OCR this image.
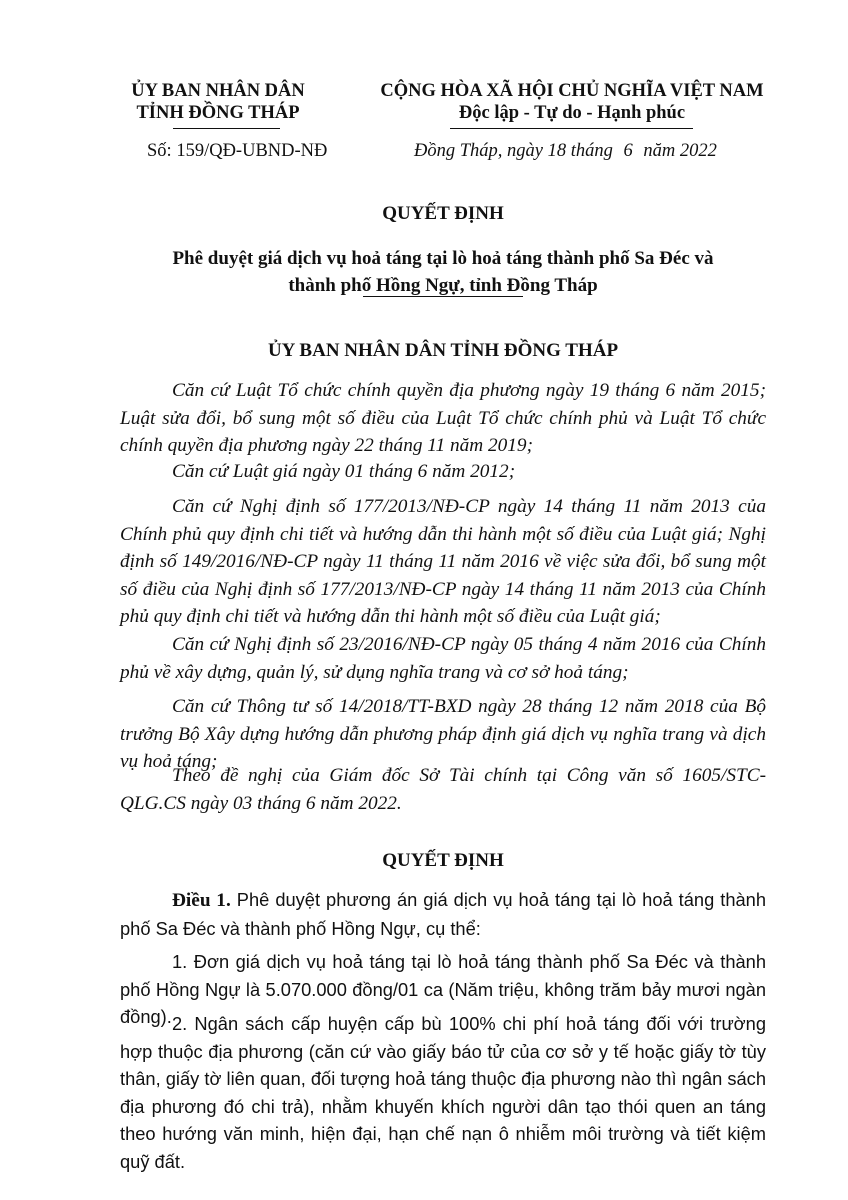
ỦY BAN NHÂN DÂN
TỈNH ĐỒNG THÁP
Số: 159/QĐ-UBND-NĐ
CỘNG HÒA XÃ HỘI CHỦ NGHĨA VIỆT NAM
Độc lập - Tự do - Hạnh phúc
Đồng Tháp, ngày 18 tháng 6 năm 2022
QUYẾT ĐỊNH
Phê duyệt giá dịch vụ hoả táng tại lò hoả táng thành phố Sa Đéc và
thành phố Hồng Ngự, tỉnh Đồng Tháp
ỦY BAN NHÂN DÂN TỈNH ĐỒNG THÁP
Căn cứ Luật Tổ chức chính quyền địa phương ngày 19 tháng 6 năm 2015; Luật sửa đổi, bổ sung một số điều của Luật Tổ chức chính phủ và Luật Tổ chức chính quyền địa phương ngày 22 tháng 11 năm 2019;
Căn cứ Luật giá ngày 01 tháng 6 năm 2012;
Căn cứ Nghị định số 177/2013/NĐ-CP ngày 14 tháng 11 năm 2013 của Chính phủ quy định chi tiết và hướng dẫn thi hành một số điều của Luật giá; Nghị định số 149/2016/NĐ-CP ngày 11 tháng 11 năm 2016 về việc sửa đổi, bổ sung một số điều của Nghị định số 177/2013/NĐ-CP ngày 14 tháng 11 năm 2013 của Chính phủ quy định chi tiết và hướng dẫn thi hành một số điều của Luật giá;
Căn cứ Nghị định số 23/2016/NĐ-CP ngày 05 tháng 4 năm 2016 của Chính phủ về xây dựng, quản lý, sử dụng nghĩa trang và cơ sở hoả táng;
Căn cứ Thông tư số 14/2018/TT-BXD ngày 28 tháng 12 năm 2018 của Bộ trưởng Bộ Xây dựng hướng dẫn phương pháp định giá dịch vụ nghĩa trang và dịch vụ hoả táng;
Theo đề nghị của Giám đốc Sở Tài chính tại Công văn số 1605/STC-QLG.CS ngày 03 tháng 6 năm 2022.
QUYẾT ĐỊNH
Điều 1. Phê duyệt phương án giá dịch vụ hoả táng tại lò hoả táng thành phố Sa Đéc và thành phố Hồng Ngự, cụ thể:
1. Đơn giá dịch vụ hoả táng tại lò hoả táng thành phố Sa Đéc và thành phố Hồng Ngự là 5.070.000 đồng/01 ca (Năm triệu, không trăm bảy mươi ngàn đồng). 2. Ngân sách cấp huyện cấp bù 100% chi phí hoả táng đối với trường hợp thuộc địa phương (căn cứ vào giấy báo tử của cơ sở y tế hoặc giấy tờ tùy thân, giấy tờ liên quan, đối tượng hoả táng thuộc địa phương nào thì ngân sách địa phương đó chi trả), nhằm khuyến khích người dân tạo thói quen an táng theo hướng văn minh, hiện đại, hạn chế nạn ô nhiễm môi trường và tiết kiệm quỹ đất.
